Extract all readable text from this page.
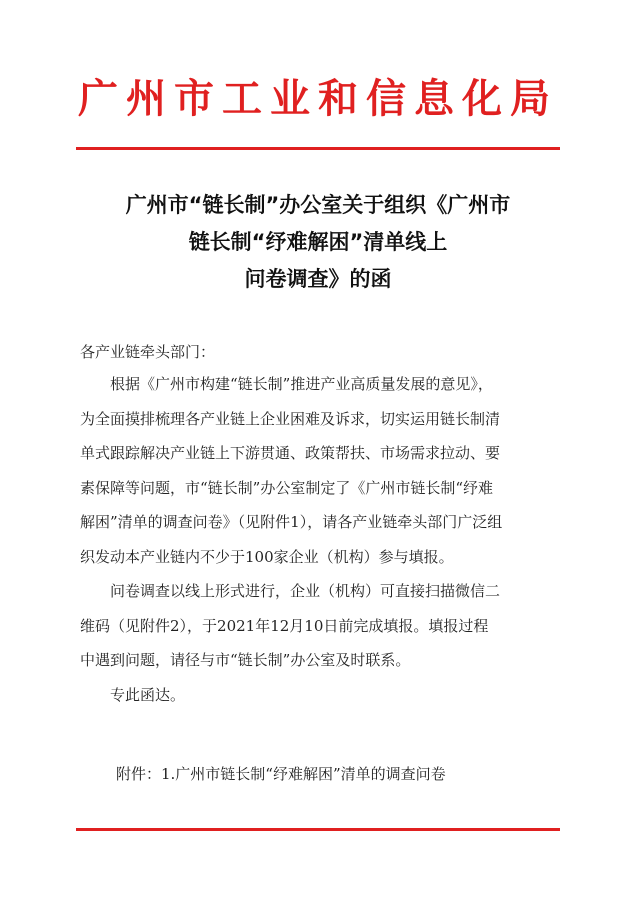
广州市工业和信息化局
广州市“链长制”办公室关于组织《广州市
链长制“纾难解困”清单线上
问卷调查》的函
各产业链牵头部门：
根据《广州市构建“链长制”推进产业高质量发展的意见》，
为全面摸排梳理各产业链上企业困难及诉求，切实运用链长制清
单式跟踪解决产业链上下游贯通、政策帮扶、市场需求拉动、要
素保障等问题，市“链长制”办公室制定了《广州市链长制“纾难
解困”清单的调查问卷》（见附件1），请各产业链牵头部门广泛组
织发动本产业链内不少于100家企业（机构）参与填报。
问卷调查以线上形式进行，企业（机构）可直接扫描微信二
维码（见附件2），于2021年12月10日前完成填报。填报过程
中遇到问题，请径与市“链长制”办公室及时联系。
专此函达。
附件：1.广州市链长制“纾难解困”清单的调查问卷
